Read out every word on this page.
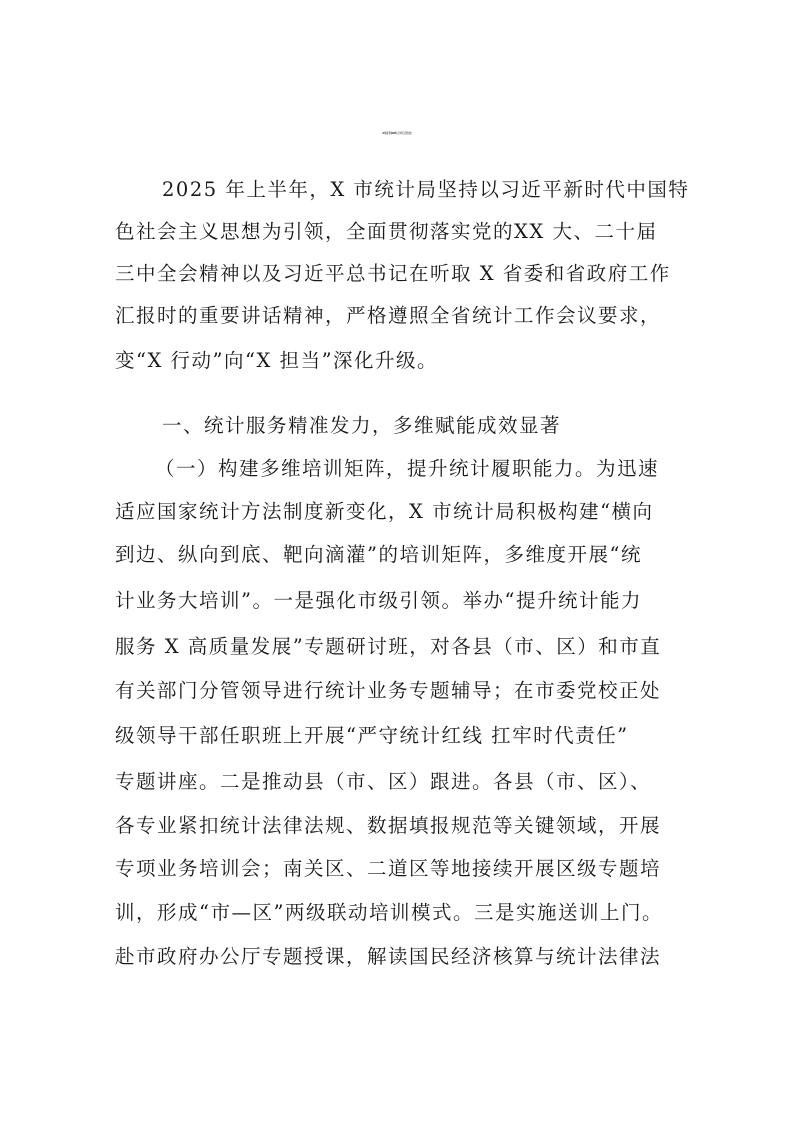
X 市统计局 2025 年上半年工作总结
2025 年上半年，X 市统计局坚持以习近平新时代中国特
色社会主义思想为引领，全面贯彻落实党的XX 大、二十届
三中全会精神以及习近平总书记在听取 X 省委和省政府工作
汇报时的重要讲话精神，严格遵照全省统计工作会议要求，
变“X 行动”向“X 担当”深化升级。
一、统计服务精准发力，多维赋能成效显著
（一）构建多维培训矩阵，提升统计履职能力。为迅速
适应国家统计方法制度新变化，X 市统计局积极构建“横向
到边、纵向到底、靶向滴灌”的培训矩阵，多维度开展“统
计业务大培训”。一是强化市级引领。举办“提升统计能力
服务 X 高质量发展”专题研讨班，对各县（市、区）和市直
有关部门分管领导进行统计业务专题辅导；在市委党校正处
级领导干部任职班上开展“严守统计红线 扛牢时代责任”
专题讲座。二是推动县（市、区）跟进。各县（市、区）、
各专业紧扣统计法律法规、数据填报规范等关键领域，开展
专项业务培训会；南关区、二道区等地接续开展区级专题培
训，形成“市—区”两级联动培训模式。三是实施送训上门。
赴市政府办公厅专题授课，解读国民经济核算与统计法律法
